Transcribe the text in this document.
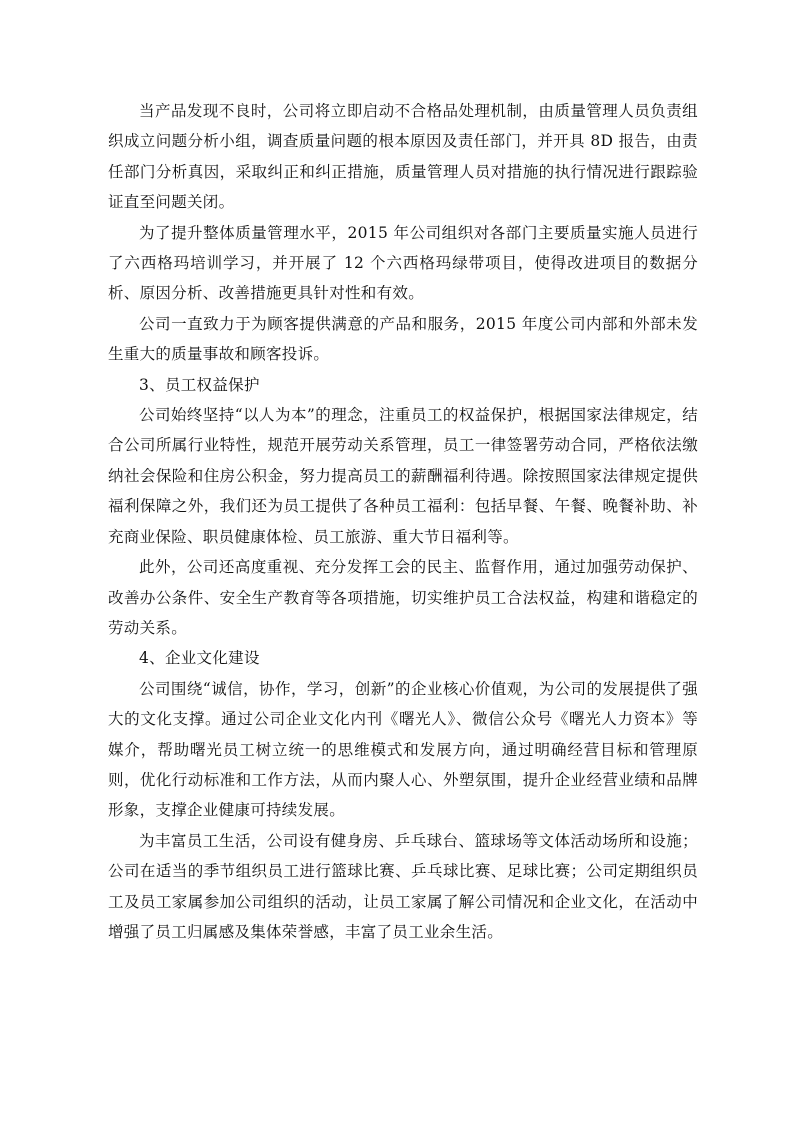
当产品发现不良时，公司将立即启动不合格品处理机制，由质量管理人员负责组织成立问题分析小组，调查质量问题的根本原因及责任部门，并开具 8D 报告，由责任部门分析真因，采取纠正和纠正措施，质量管理人员对措施的执行情况进行跟踪验证直至问题关闭。

为了提升整体质量管理水平，2015 年公司组织对各部门主要质量实施人员进行了六西格玛培训学习，并开展了 12 个六西格玛绿带项目，使得改进项目的数据分析、原因分析、改善措施更具针对性和有效。

公司一直致力于为顾客提供满意的产品和服务，2015 年度公司内部和外部未发生重大的质量事故和顾客投诉。

3、员工权益保护

公司始终坚持“以人为本”的理念，注重员工的权益保护，根据国家法律规定，结合公司所属行业特性，规范开展劳动关系管理，员工一律签署劳动合同，严格依法缴纳社会保险和住房公积金，努力提高员工的薪酬福利待遇。除按照国家法律规定提供福利保障之外，我们还为员工提供了各种员工福利：包括早餐、午餐、晚餐补助、补充商业保险、职员健康体检、员工旅游、重大节日福利等。

此外，公司还高度重视、充分发挥工会的民主、监督作用，通过加强劳动保护、改善办公条件、安全生产教育等各项措施，切实维护员工合法权益，构建和谐稳定的劳动关系。

4、企业文化建设

公司围绕“诚信，协作，学习，创新”的企业核心价值观，为公司的发展提供了强大的文化支撑。通过公司企业文化内刊《曙光人》、微信公众号《曙光人力资本》等媒介，帮助曙光员工树立统一的思维模式和发展方向，通过明确经营目标和管理原则，优化行动标准和工作方法，从而内聚人心、外塑氛围，提升企业经营业绩和品牌形象，支撑企业健康可持续发展。

为丰富员工生活，公司设有健身房、乒乓球台、篮球场等文体活动场所和设施；公司在适当的季节组织员工进行篮球比赛、乒乓球比赛、足球比赛；公司定期组织员工及员工家属参加公司组织的活动，让员工家属了解公司情况和企业文化，在活动中增强了员工归属感及集体荣誉感，丰富了员工业余生活。
